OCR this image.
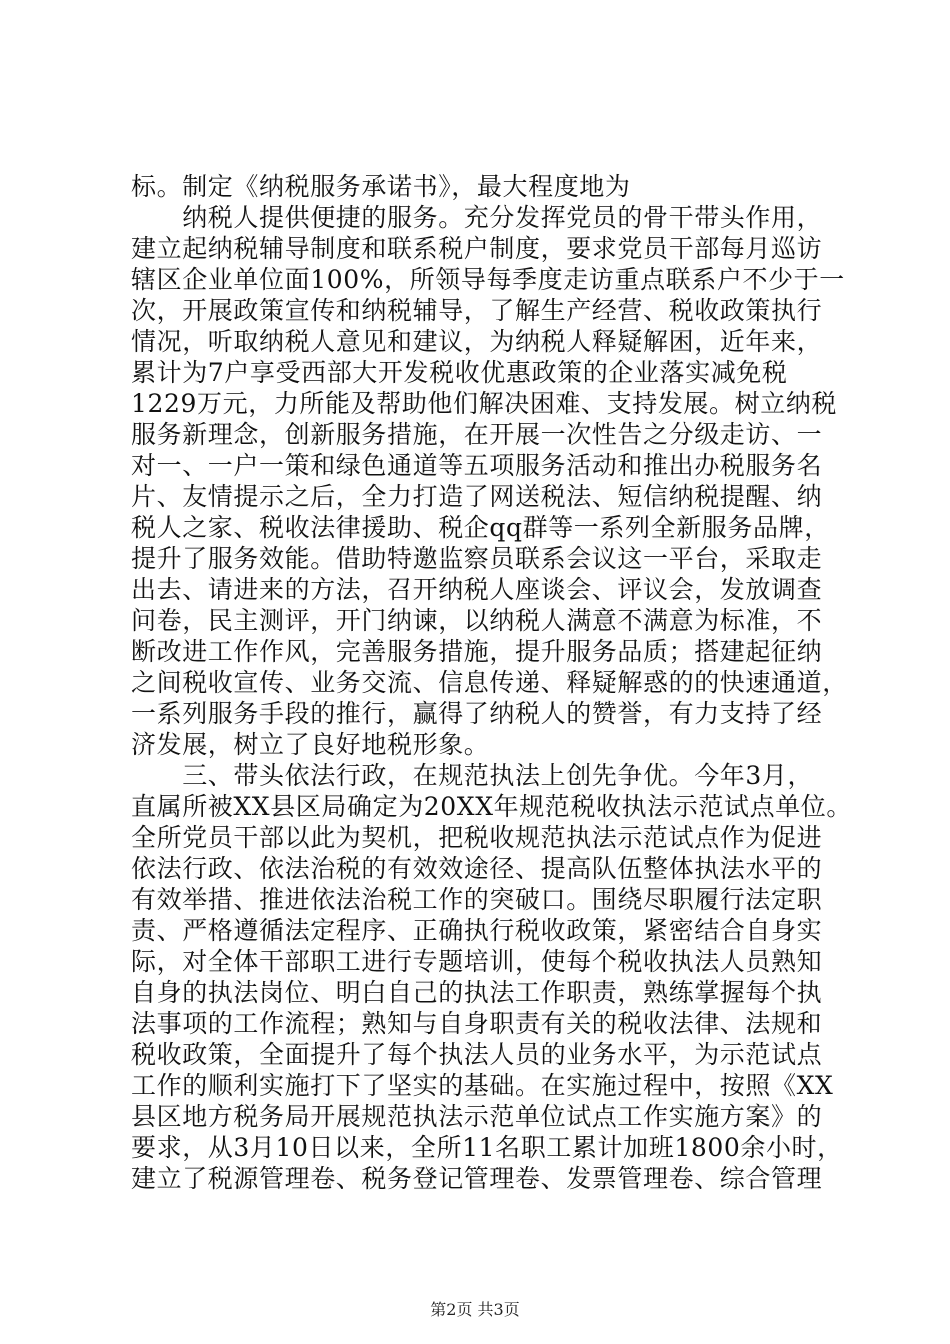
标。制定《纳税服务承诺书》，最大程度地为
　　纳税人提供便捷的服务。充分发挥党员的骨干带头作用，
建立起纳税辅导制度和联系税户制度，要求党员干部每月巡访
辖区企业单位面100%，所领导每季度走访重点联系户不少于一
次，开展政策宣传和纳税辅导，了解生产经营、税收政策执行
情况，听取纳税人意见和建议，为纳税人释疑解困，近年来，
累计为7户享受西部大开发税收优惠政策的企业落实减免税
1229万元，力所能及帮助他们解决困难、支持发展。树立纳税
服务新理念，创新服务措施，在开展一次性告之分级走访、一
对一、一户一策和绿色通道等五项服务活动和推出办税服务名
片、友情提示之后，全力打造了网送税法、短信纳税提醒、纳
税人之家、税收法律援助、税企qq群等一系列全新服务品牌，
提升了服务效能。借助特邀监察员联系会议这一平台，采取走
出去、请进来的方法，召开纳税人座谈会、评议会，发放调查
问卷，民主测评，开门纳谏，以纳税人满意不满意为标准，不
断改进工作作风，完善服务措施，提升服务品质；搭建起征纳
之间税收宣传、业务交流、信息传递、释疑解惑的的快速通道，
一系列服务手段的推行，赢得了纳税人的赞誉，有力支持了经
济发展，树立了良好地税形象。
　　三、带头依法行政，在规范执法上创先争优。今年3月，
直属所被XX县区局确定为20XX年规范税收执法示范试点单位。
全所党员干部以此为契机，把税收规范执法示范试点作为促进
依法行政、依法治税的有效效途径、提高队伍整体执法水平的
有效举措、推进依法治税工作的突破口。围绕尽职履行法定职
责、严格遵循法定程序、正确执行税收政策，紧密结合自身实
际，对全体干部职工进行专题培训，使每个税收执法人员熟知
自身的执法岗位、明白自己的执法工作职责，熟练掌握每个执
法事项的工作流程；熟知与自身职责有关的税收法律、法规和
税收政策，全面提升了每个执法人员的业务水平，为示范试点
工作的顺利实施打下了坚实的基础。在实施过程中，按照《XX
县区地方税务局开展规范执法示范单位试点工作实施方案》的
要求，从3月10日以来，全所11名职工累计加班1800余小时，
建立了税源管理卷、税务登记管理卷、发票管理卷、综合管理
第2页 共3页
